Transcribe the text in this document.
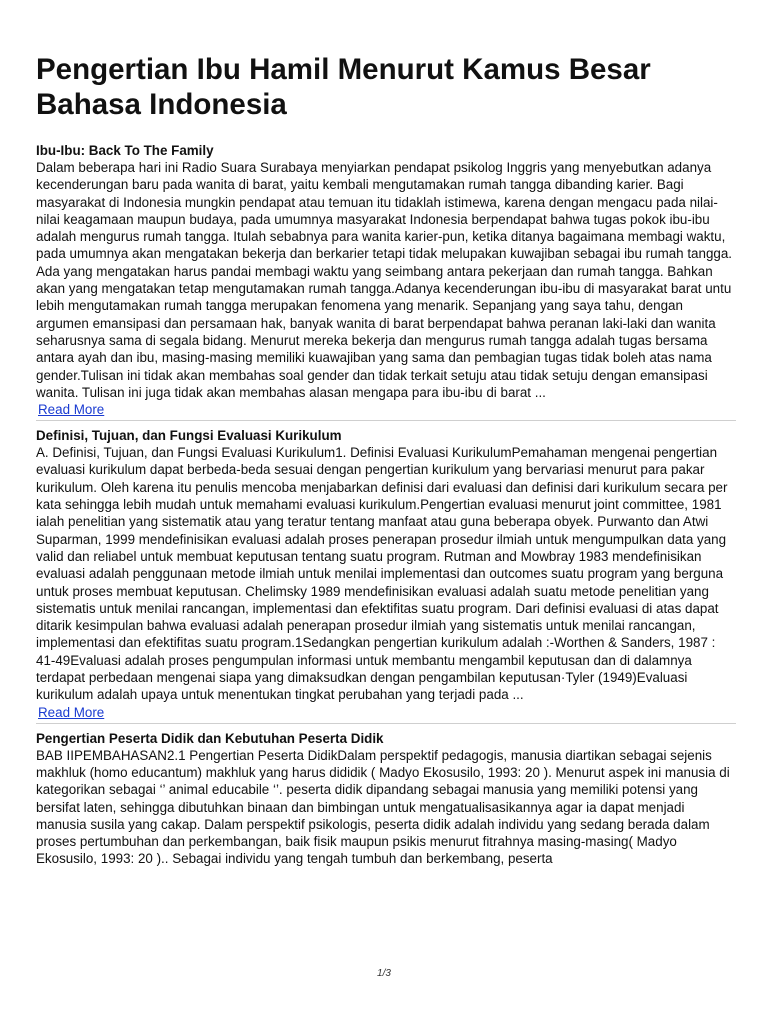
Pengertian Ibu Hamil Menurut Kamus Besar Bahasa Indonesia
Ibu-Ibu: Back To The Family

Dalam beberapa hari ini Radio Suara Surabaya menyiarkan pendapat psikolog Inggris yang menyebutkan adanya kecenderungan baru pada wanita di barat, yaitu kembali mengutamakan rumah tangga dibanding karier. Bagi masyarakat di Indonesia mungkin pendapat atau temuan itu tidaklah istimewa, karena dengan mengacu pada nilai-nilai keagamaan maupun budaya, pada umumnya masyarakat Indonesia berpendapat bahwa tugas pokok ibu-ibu adalah mengurus rumah tangga. Itulah sebabnya para wanita karier-pun, ketika ditanya bagaimana membagi waktu, pada umumnya akan mengatakan bekerja dan berkarier tetapi tidak melupakan kuwajiban sebagai ibu rumah tangga. Ada yang mengatakan harus pandai membagi waktu yang seimbang antara pekerjaan dan rumah tangga. Bahkan akan yang mengatakan tetap mengutamakan rumah tangga.Adanya kecenderungan ibu-ibu di masyarakat barat untu lebih mengutamakan rumah tangga merupakan fenomena yang menarik. Sepanjang yang saya tahu, dengan argumen emansipasi dan persamaan hak, banyak wanita di barat berpendapat bahwa peranan laki-laki dan wanita seharusnya sama di segala bidang. Menurut mereka bekerja dan mengurus rumah tangga adalah tugas bersama antara ayah dan ibu, masing-masing memiliki kuawajiban yang sama dan pembagian tugas tidak boleh atas nama gender.Tulisan ini tidak akan membahas soal gender dan tidak terkait setuju atau tidak setuju dengan emansipasi wanita. Tulisan ini juga tidak akan membahas alasan mengapa para ibu-ibu di barat ...

Read More
Definisi, Tujuan, dan Fungsi Evaluasi Kurikulum

A. Definisi, Tujuan, dan Fungsi Evaluasi Kurikulum1. Definisi Evaluasi KurikulumPemahaman mengenai pengertian evaluasi kurikulum dapat berbeda-beda sesuai dengan pengertian kurikulum yang bervariasi menurut para pakar kurikulum. Oleh karena itu penulis mencoba menjabarkan definisi dari evaluasi dan definisi dari kurikulum secara per kata sehingga lebih mudah untuk memahami evaluasi kurikulum.Pengertian evaluasi menurut joint committee, 1981 ialah penelitian yang sistematik atau yang teratur tentang manfaat atau guna beberapa obyek. Purwanto dan Atwi Suparman, 1999 mendefinisikan evaluasi adalah proses penerapan prosedur ilmiah untuk mengumpulkan data yang valid dan reliabel untuk membuat keputusan tentang suatu program. Rutman and Mowbray 1983 mendefinisikan evaluasi adalah penggunaan metode ilmiah untuk menilai implementasi dan outcomes suatu program yang berguna untuk proses membuat keputusan. Chelimsky 1989 mendefinisikan evaluasi adalah suatu metode penelitian yang sistematis untuk menilai rancangan, implementasi dan efektifitas suatu program. Dari definisi evaluasi di atas dapat ditarik kesimpulan bahwa evaluasi adalah penerapan prosedur ilmiah yang sistematis untuk menilai rancangan, implementasi dan efektifitas suatu program.1Sedangkan pengertian kurikulum adalah :-Worthen & Sanders, 1987 : 41-49Evaluasi adalah proses pengumpulan informasi untuk membantu mengambil keputusan dan di dalamnya terdapat perbedaan mengenai siapa yang dimaksudkan dengan pengambilan keputusan·Tyler (1949)Evaluasi kurikulum adalah upaya untuk menentukan tingkat perubahan yang terjadi pada ...

Read More
Pengertian Peserta Didik dan Kebutuhan Peserta Didik

BAB IIPEMBAHASAN2.1 Pengertian Peserta DidikDalam perspektif pedagogis, manusia diartikan sebagai sejenis makhluk (homo educantum) makhluk yang harus dididik ( Madyo Ekosusilo, 1993: 20 ). Menurut aspek ini manusia di kategorikan sebagai ‘’ animal educabile ‘’. peserta didik dipandang sebagai manusia yang memiliki potensi yang bersifat laten, sehingga dibutuhkan binaan dan bimbingan untuk mengatualisasikannya agar ia dapat menjadi manusia susila yang cakap. Dalam perspektif psikologis, peserta didik adalah individu yang sedang berada dalam proses pertumbuhan dan perkembangan, baik fisik maupun psikis menurut fitrahnya masing-masing( Madyo Ekosusilo, 1993: 20 ).. Sebagai individu yang tengah tumbuh dan berkembang, peserta

1/3
